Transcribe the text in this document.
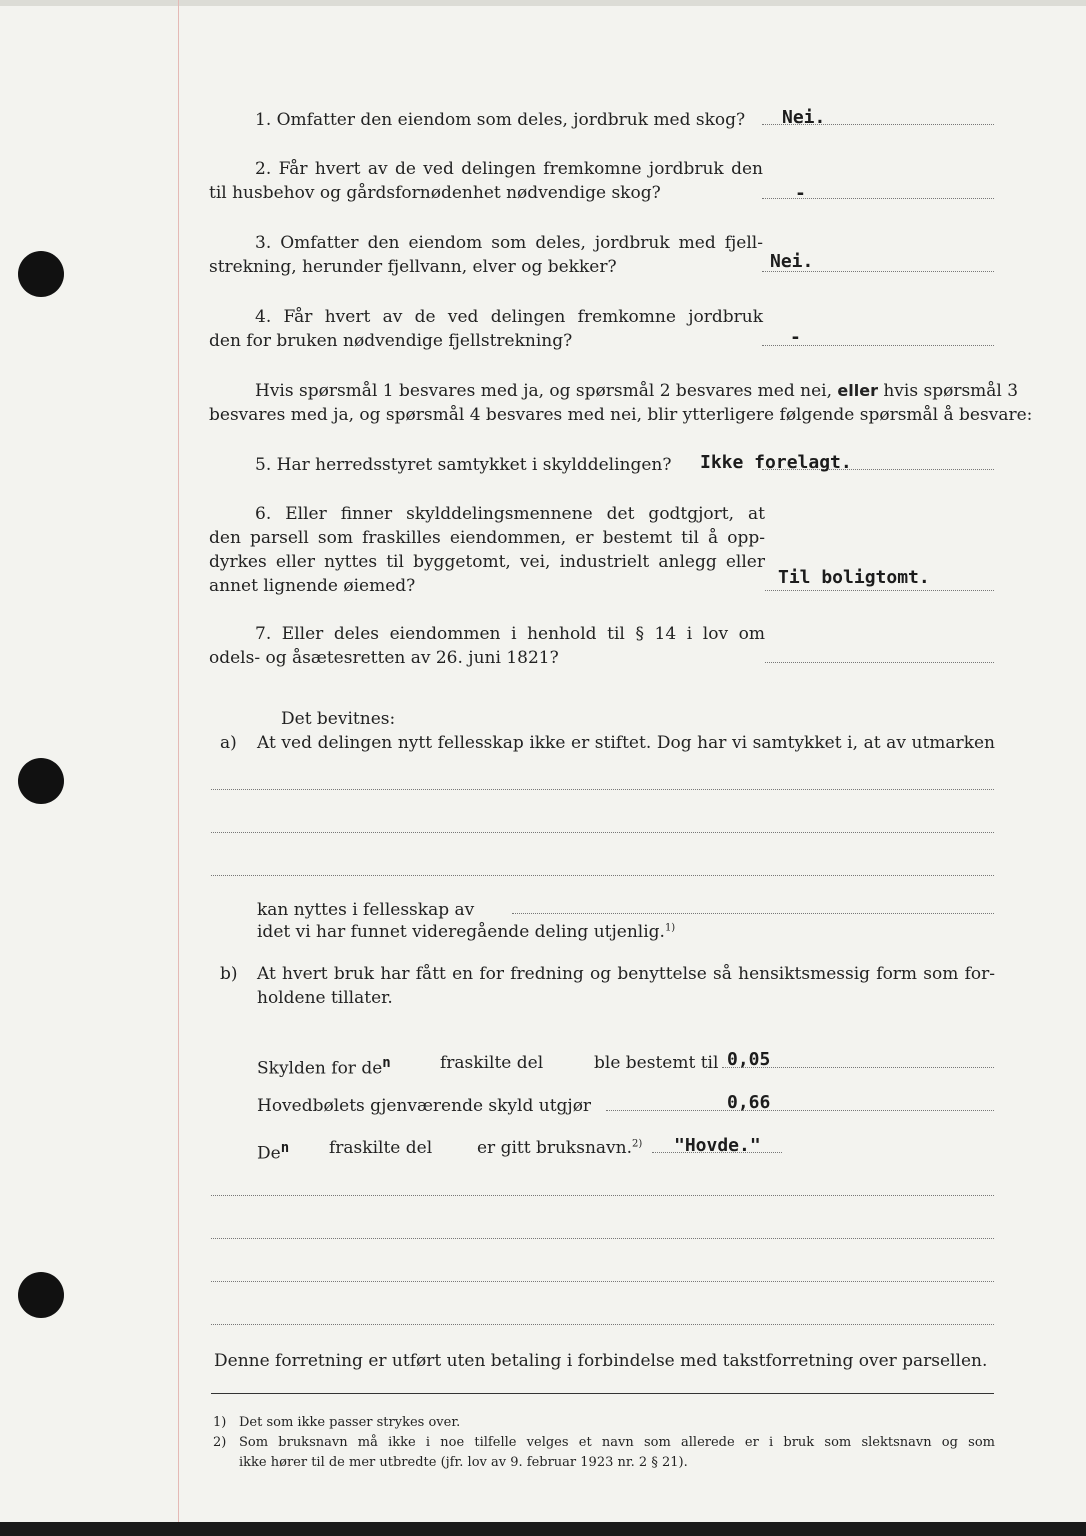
1. Omfatter den eiendom som deles, jordbruk med skog? Nei.
2. Får hvert av de ved delingen fremkomne jordbruk den
til husbehov og gårdsfornødenhet nødvendige skog?	-
3. Omfatter den eiendom som deles, jordbruk med fjell-
strekning, herunder fjellvann, elver og bekker?	Nei.
4. Får hvert av de ved delingen fremkomne jordbruk
den for bruken nødvendige fjellstrekning?	-
Hvis spørsmål 1 besvares med ja, og spørsmål 2 besvares med nei, eller hvis spørsmål 3
besvares med ja, og spørsmål 4 besvares med nei, blir ytterligere følgende spørsmål å besvare:
5. Har herredsstyret samtykket i skylddelingen? Ikke forelagt.
6. Eller finner skylddelingsmennene det godtgjort, at
den parsell som fraskilles eiendommen, er bestemt til å opp-
dyrkes eller nyttes til byggetomt, vei, industrielt anlegg eller
annet lignende øiemed?	Til boligtomt.
7. Eller deles eiendommen i henhold til § 14 i lov om
odels- og åsætesretten av 26. juni 1821?
Det bevitnes:
a) At ved delingen nytt fellesskap ikke er stiftet. Dog har vi samtykket i, at av utmarken
kan nyttes i fellesskap av
idet vi har funnet videregående deling utjenlig.$^{1)}$
b) At hvert bruk har fått en for fredning og benyttelse så hensiktsmessig form som for-
holdene tillater.
Skylden for $de^n$	fraskilte del	ble bestemt til 0,05
Hovedbølets gjenværende skyld utgjør	0,66
De$^n$ fraskilte del	er gitt bruksnavn.$^{2)}$ "Hovde."
Denne forretning er utført uten betaling i forbindelse med takstforretning over parsellen.
1) Det som ikke passer strykes over.
2) Som bruksnavn må ikke i noe tilfelle velges et navn som allerede er i bruk som slektsnavn og som
ikke hører til de mer utbredte (jfr. lov av 9. februar 1923 nr. 2 § 21).
